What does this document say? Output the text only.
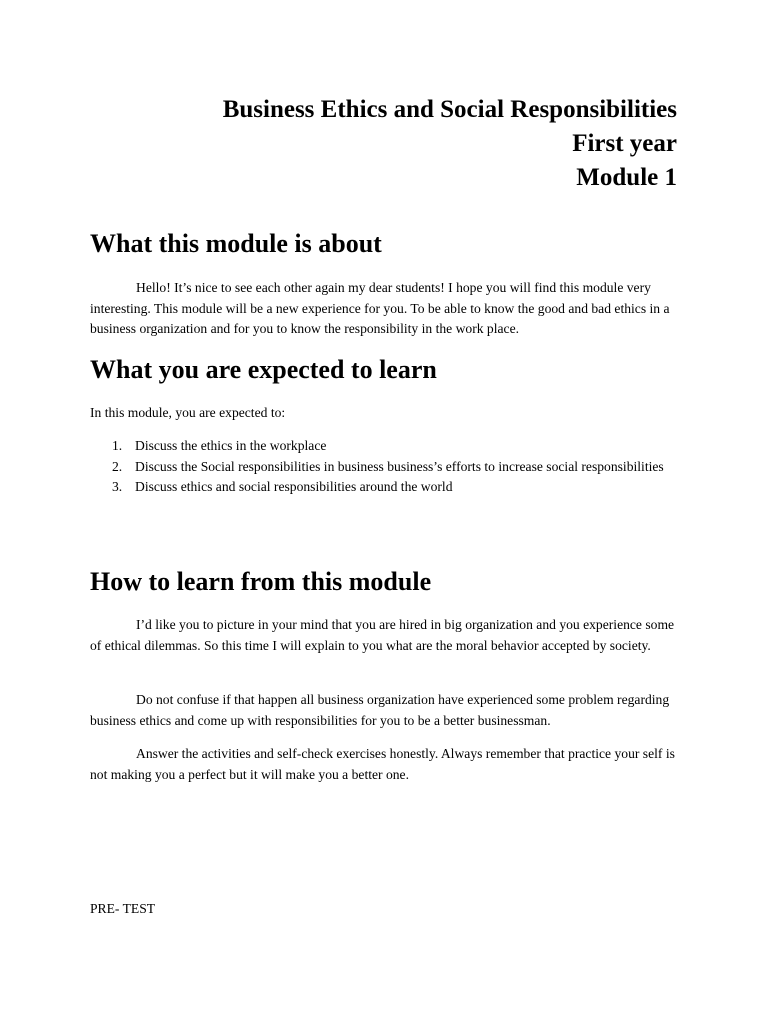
Business Ethics and Social Responsibilities
First year
Module 1
What this module is about

Hello! It’s nice to see each other again my dear students! I hope you will find this module very interesting. This module will be a new experience for you. To be able to know the good and bad ethics in a business organization and for you to know the responsibility in the work place.

What you are expected to learn

In this module, you are expected to:

1. Discuss the ethics in the workplace
2. Discuss the Social responsibilities in business business’s efforts to increase social responsibilities
3. Discuss ethics and social responsibilities around the world
How to learn from this module

I’d like you to picture in your mind that you are hired in big organization and you experience some of ethical dilemmas. So this time I will explain to you what are the moral behavior accepted by society.

Do not confuse if that happen all business organization have experienced some problem regarding business ethics and come up with responsibilities for you to be a better businessman.

Answer the activities and self-check exercises honestly. Always remember that practice your self is not making you a perfect but it will make you a better one.

PRE- TEST
